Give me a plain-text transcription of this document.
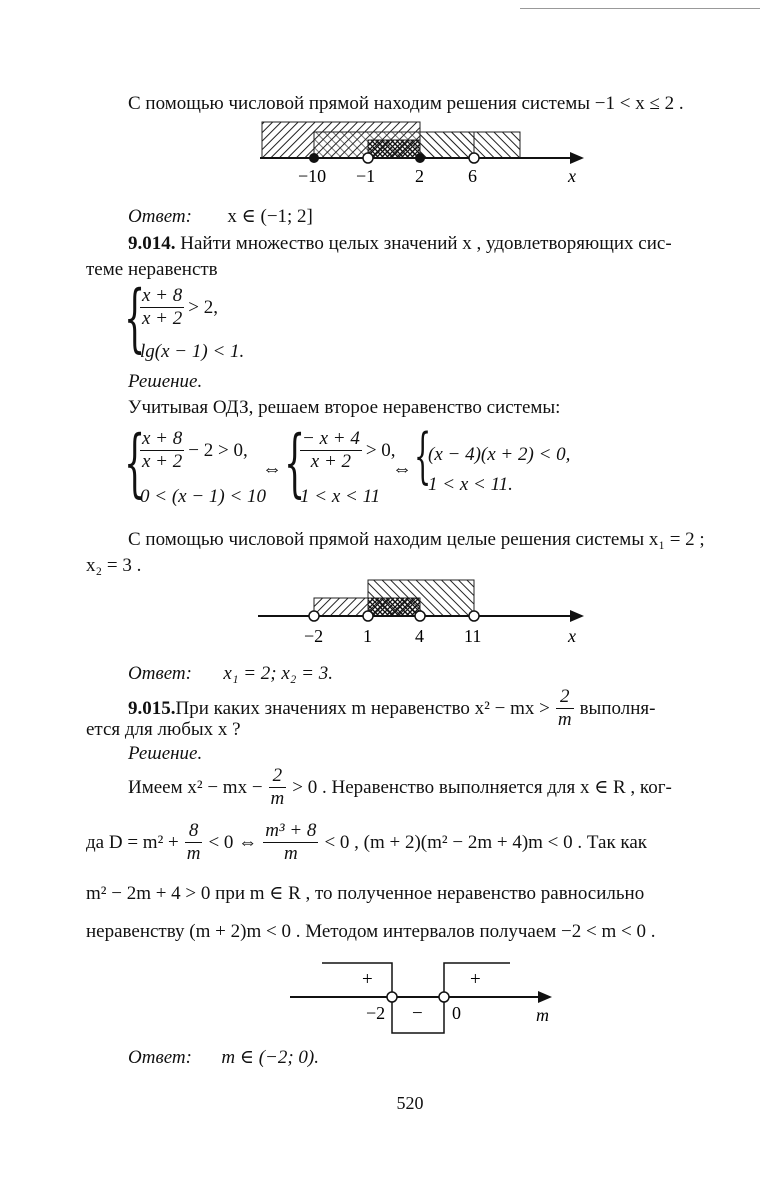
С помощью числовой прямой находим решения системы −1 < x ≤ 2 .
−10 −1 2 6	x
Ответ: x ∈ (−1; 2]
9.014. Найти множество целых значений x , удовлетворяющих сис-
теме неравенств
{
$\frac{x + 8}{x + 2} > 2$,
lg(x − 1) < 1.
Решение.
Учитывая ОДЗ, решаем второе неравенство системы:
{
$\frac{x + 8}{x + 2} - 2 > 0$,
0 < (x − 1) < 10
⇔ {
$\frac{- x + 4}{x + 2} > 0$,
1 < x < 11
⇔ {
(x − 4)(x + 2) < 0,
1 < x < 11.
С помощью числовой прямой находим целые решения системы x₁ = 2 ;
x₂ = 3 .
−2 1 4 11	x
Ответ: x₁ = 2; x₂ = 3.
9.015. При каких значениях m неравенство x² − mx > $\frac{2}{m}$ выполня-
ется для любых x ?
Решение.
Имеем x² − mx − $\frac{2}{m} > 0$ . Неравенство выполняется для x ∈ R , ког-
да $D = m^2 + \frac{8}{m} < 0$ ⇔ $\frac{\text{m³ + 8}}{m} < 0$ , (m + 2)(m² − 2m + 4)m < 0 . Так как
m² − 2m + 4 > 0 при m ∈ R , то полученное неравенство равносильно
неравенству (m + 2)m < 0 . Методом интервалов получаем −2 < m < 0 .
+
−
+
−2	0	m
Ответ: m ∈ (−2; 0).
520
